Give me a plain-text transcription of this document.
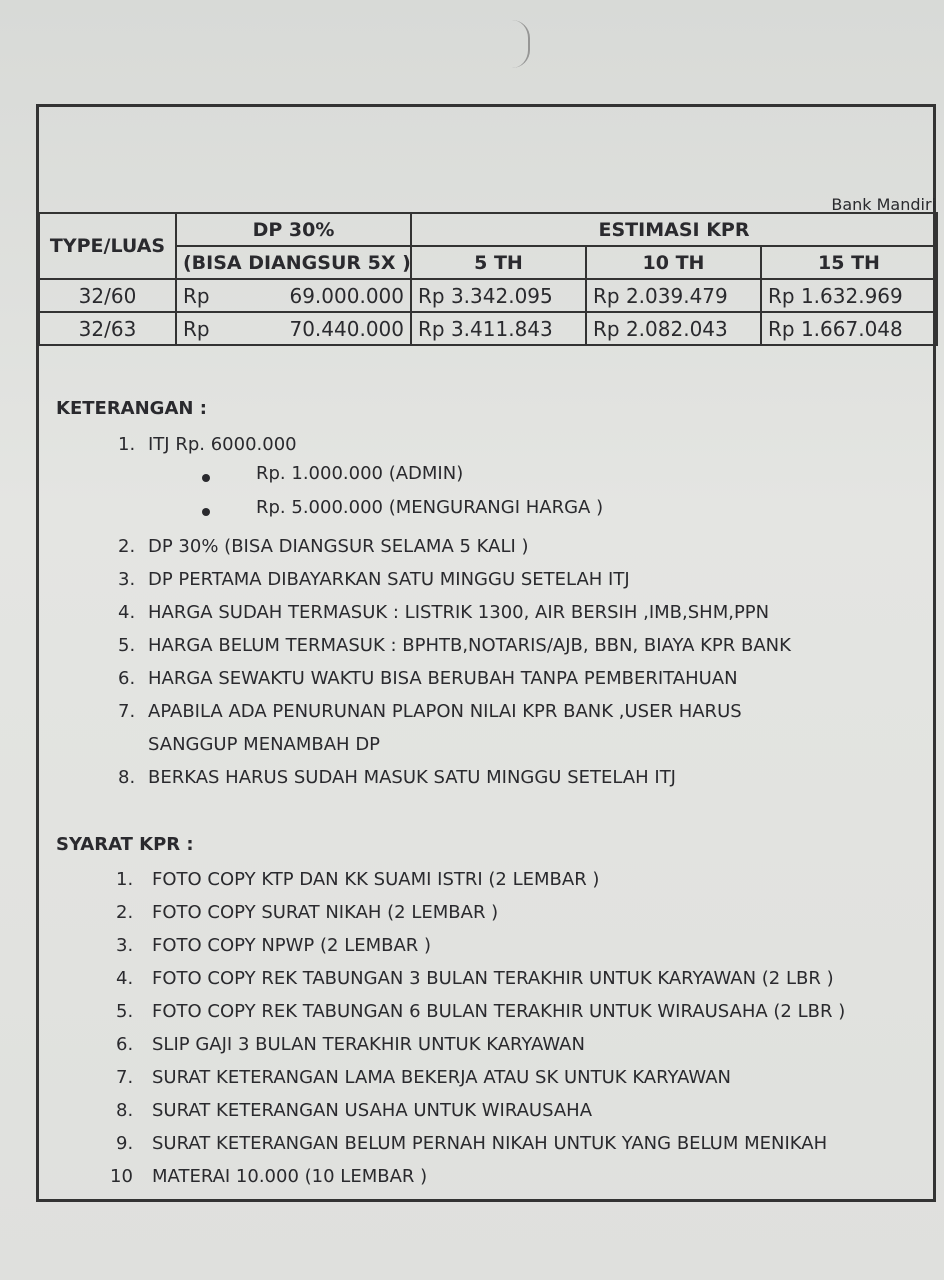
Bank Mandiri
TYPE/LUAS	DP 30%	ESTIMASI KPR		
	(BISA DIANGSUR 5X )	5 TH	10 TH	15 TH
32/60	Rp 69.000.000	Rp 3.342.095	Rp 2.039.479	Rp 1.632.969
32/63	Rp 70.440.000	Rp 3.411.843	Rp 2.082.043	Rp 1.667.048
KETERANGAN :
1. ITJ Rp. 6000.000
Rp. 1.000.000 (ADMIN)
Rp. 5.000.000 (MENGURANGI HARGA )
2. DP 30% (BISA DIANGSUR SELAMA 5 KALI )
3. DP PERTAMA DIBAYARKAN SATU MINGGU SETELAH ITJ
4. HARGA SUDAH TERMASUK : LISTRIK 1300, AIR BERSIH ,IMB,SHM,PPN
5. HARGA BELUM TERMASUK : BPHTB,NOTARIS/AJB, BBN, BIAYA KPR BANK
6. HARGA SEWAKTU WAKTU BISA BERUBAH TANPA PEMBERITAHUAN
7. APABILA ADA PENURUNAN PLAPON NILAI KPR BANK ,USER HARUS
SANGGUP MENAMBAH DP
8. BERKAS HARUS SUDAH MASUK SATU MINGGU SETELAH ITJ
SYARAT KPR :
1.	FOTO COPY KTP DAN KK SUAMI ISTRI (2 LEMBAR )
2.	FOTO COPY SURAT NIKAH (2 LEMBAR )
3.	FOTO COPY NPWP (2 LEMBAR )
4.	FOTO COPY REK TABUNGAN 3 BULAN TERAKHIR UNTUK KARYAWAN (2 LBR )
5.	FOTO COPY REK TABUNGAN 6 BULAN TERAKHIR UNTUK WIRAUSAHA (2 LBR )
6.	SLIP GAJI 3 BULAN TERAKHIR UNTUK KARYAWAN
7.	SURAT KETERANGAN LAMA BEKERJA ATAU SK UNTUK KARYAWAN
8.	SURAT KETERANGAN USAHA UNTUK WIRAUSAHA
9.	SURAT KETERANGAN BELUM PERNAH NIKAH UNTUK YANG BELUM MENIKAH
10	MATERAI 10.000 (10 LEMBAR )
